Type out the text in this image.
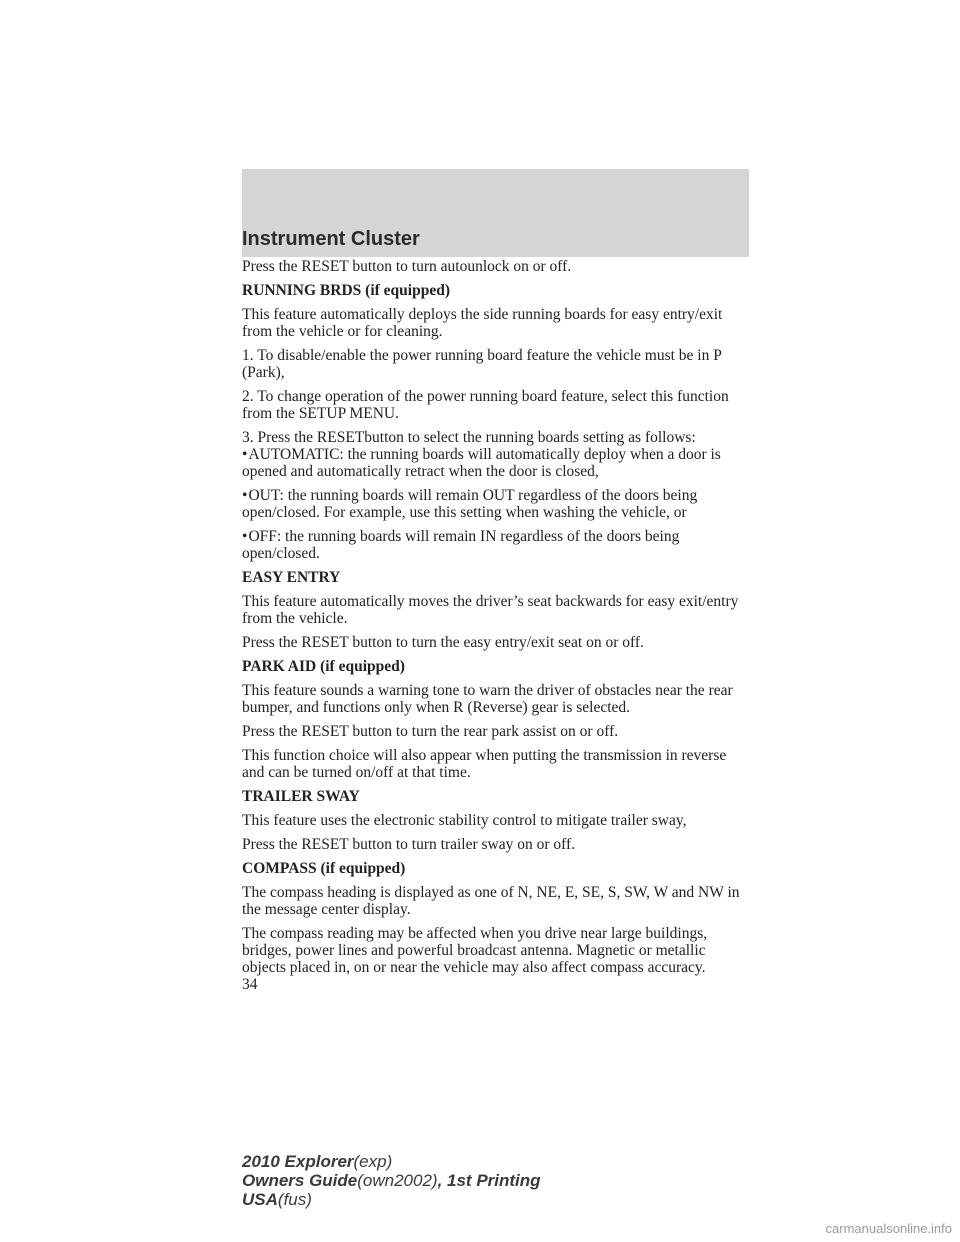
Instrument Cluster

Press the RESET button to turn autounlock on or off.

RUNNING BRDS (if equipped)

This feature automatically deploys the side running boards for easy entry/exit from the vehicle or for cleaning.

1. To disable/enable the power running board feature the vehicle must be in P (Park),

2. To change operation of the power running board feature, select this function from the SETUP MENU.

3. Press the RESETbutton to select the running boards setting as follows:

• AUTOMATIC: the running boards will automatically deploy when a door is opened and automatically retract when the door is closed,

• OUT: the running boards will remain OUT regardless of the doors being open/closed. For example, use this setting when washing the vehicle, or

• OFF: the running boards will remain IN regardless of the doors being open/closed.

EASY ENTRY

This feature automatically moves the driver’s seat backwards for easy exit/entry from the vehicle.

Press the RESET button to turn the easy entry/exit seat on or off.

PARK AID (if equipped)

This feature sounds a warning tone to warn the driver of obstacles near the rear bumper, and functions only when R (Reverse) gear is selected.

Press the RESET button to turn the rear park assist on or off.

This function choice will also appear when putting the transmission in reverse and can be turned on/off at that time.

TRAILER SWAY

This feature uses the electronic stability control to mitigate trailer sway,

Press the RESET button to turn trailer sway on or off.

COMPASS (if equipped)

The compass heading is displayed as one of N, NE, E, SE, S, SW, W and NW in the message center display.

The compass reading may be affected when you drive near large buildings, bridges, power lines and powerful broadcast antenna. Magnetic or metallic objects placed in, on or near the vehicle may also affect compass accuracy.

34

2010 Explorer(exp)
Owners Guide(own2002), 1st Printing
USA(fus)
carmanualsonline.info
